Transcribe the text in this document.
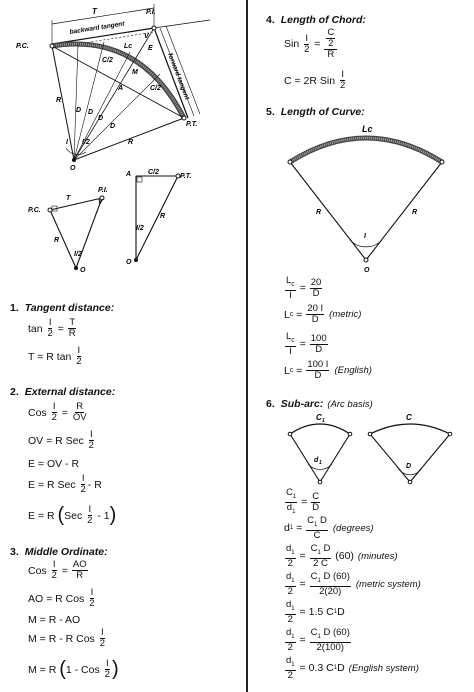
T	P.I.
P.C.
P.T.
backward tangent
forward tangent
Lc
C/2
C/2
M
E
V
A
D D
D
D
R
R
O
I I/2
T
P.I.
V
P.C.
R
I/2
O
C/2
A	P.T.
I/2
O
R
1. Tangent distance:
$\tan \frac{I}{2} = \frac{T}{R}$
T = R $\tan \frac{I}{2}$
2. External distance:
Cos $\frac{I}{2} = \frac{R}{OV}$
OV = R Sec $\frac{I}{2}$
E = OV - R
E = R Sec $\frac{I}{2}$ - R
E = R ( Sec $\frac{I}{2} - 1$ )
3. Middle Ordinate:
Cos $\frac{I}{2} = \frac{AO}{R}$
AO = R Cos $\frac{I}{2}$
M = R - AO
M = R - R Cos $\frac{I}{2}$
M = R ( 1 - Cos $\frac{I}{2}$ )
4. Length of Chord:
Sin $\frac{I}{2} = \frac{\frac{C}{2}}{R}$
C = 2R Sin $\frac{I}{2}$
5. Length of Curve:
Lc
R	R
I
O
$\frac{L_c}{I} = \frac{20}{D}$
L $c = \frac{20 I}{D}$ (metric)
$\frac{L_c}{I} = \frac{100}{D}$
L $c = \frac{100 I}{D}$ (English)
6. Sub-arc: (Arc basis)
C 1
d 1
C
D
$\frac{C_1}{d_1} = \frac{C}{D}$
d $1 = \frac{C_1 D}{C}$ (degrees)
$\frac{d_1}{2} = \frac{C_1 D}{2 C} (60)$ (minutes)
$\frac{d_1}{2} = \frac{C_1 D (60)}{2(20)}$ (metric system)
$\frac{d_1}{2} = 1.5$ C 1 D
$\frac{d_1}{2} = \frac{C_1 D (60)}{2(100)}$
$\frac{d_1}{2} = 0.3$ C 1 D (English system)
